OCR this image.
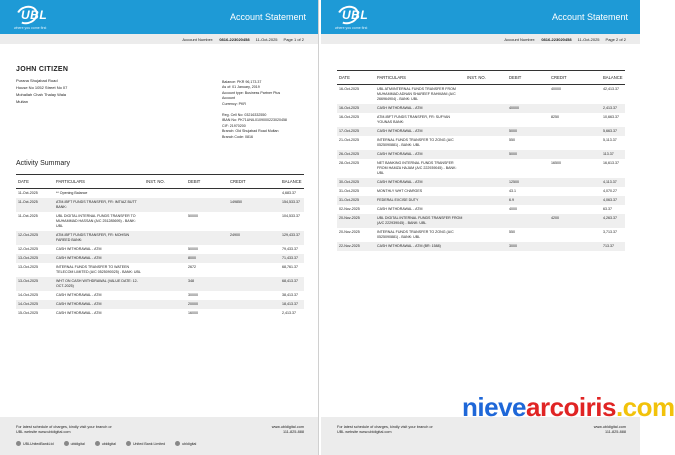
UBL
where you come first
Account Statement
Account Number: 0816-223020458 11-Oct-2025 Page 1 of 2
JOHN CITIZEN
Purana Shujabad Road
House No 1052 Street No 07
Mohallah Chah Thalay Wala
Multan
Balance: PKR 96,173.37
As of: 01 January, 2019
Account type: Business Partner Plus
Account
Currency: PKR
Reg. Cell No: 03216332550
IBAN No: PK71UNIL0109000223020458
CIF: 21970200
Branch: Old Shujabad Road Multan
Branch Code: 0816
Activity Summary
DATE	PARTICULARS	INST. NO.	DEBIT	CREDIT	BALANCE
11-Oct-2025	** Opening Balance				4,683.37
11-Oct-2025	ATM-IBFT FUNDS TRANSFER, FR: IMTIAZ BUTT BANK:			149850	154,533.37
11-Oct-2025	UBL DIGITAL INTERNAL FUNDS TRANSFER TO MUHAMMAD HASSAN (A/C 251285695) - BANK: UBL		50000		104,533.37
12-Oct-2025	ATM-IBFT FUNDS TRANSFER, FR: MOHSIN FAREED BANK:			24900	129,433.37
12-Oct-2025	CASH WITHDRAWAL - ATM		50000		79,433.37
13-Oct-2025	CASH WITHDRAWAL - ATM		8000		71,433.37
13-Oct-2025	INTERNAL FUNDS TRANSFER TO WATEEN TELECOM LIMITED (A/C 0525090025) - BANK: UBL		2672		68,761.37
13-Oct-2025	WHT ON CASH WITHDRAWAL (VALUE DATE: 12-OCT-2025)		348		68,413.37
14-Oct-2025	CASH WITHDRAWAL - ATM		30000		38,413.37
14-Oct-2025	CASH WITHDRAWAL - ATM		20000		18,413.37
15-Oct-2025	CASH WITHDRAWAL - ATM		16000		2,413.37
For latest schedule of charges, kindly visit your branch or
UBL website www.ubldigital.com
www.ubldigital.com
111-825-888
UBLUnitedBankLtd	ubldigital	ubldigital	United Bank Limited	ubldigital
UBL
where you come first
Account Statement
Account Number: 0816-223020458 11-Oct-2025 Page 2 of 2
DATE	PARTICULARS	INST. NO.	DEBIT	CREDIT	BALANCE
16-Oct-2025	UBL ATM/INTERNAL FUNDS TRANSFER FROM MUHAMMAD ADNAN SHAREEF RAHMANI (A/C 266964904) - BANK: UBL			40000	42,413.37
16-Oct-2025	CASH WITHDRAWAL - ATM		40000		2,413.37
16-Oct-2025	ATM-IBFT FUNDS TRANSFER, FR: SUFYAN YOUNAS BANK:			8250	10,663.37
17-Oct-2025	CASH WITHDRAWAL - ATM		5000		5,663.37
21-Oct-2025	INTERNAL FUNDS TRANSFER TO ZONG (A/C 0525090881) - BANK: UBL		550		5,113.37
26-Oct-2025	CASH WITHDRAWAL - ATM		5000		113.37
28-Oct-2025	NET BANKING INTERNAL FUNDS TRANSFER FROM HAMZA HAJAM (A/C 222939045) - BANK: UBL			16500	16,613.37
30-Oct-2025	CASH WITHDRAWAL - ATM		12500		4,113.37
31-Oct-2025	MONTHLY WHT CHARGES		43.1		4,070.27
31-Oct-2025	FEDERAL EXCISE DUTY		6.9		4,063.37
02-Nov-2025	CASH WITHDRAWAL - ATM		4000		63.37
20-Nov-2025	UBL DIGITAL INTERNAL FUNDS TRANSFER FROM (A/C 222939045) - BANK: UBL			4200	4,263.37
20-Nov-2025	INTERNAL FUNDS TRANSFER TO ZONG (A/C 0525090881) - BANK: UBL		550		3,713.37
22-Nov-2025	CASH WITHDRAWAL - ATM (BR: 1588)		3000		713.37
For latest schedule of charges, kindly visit your branch or
UBL website www.ubldigital.com
www.ubldigital.com
111-825-888
nievearcoiris.com
